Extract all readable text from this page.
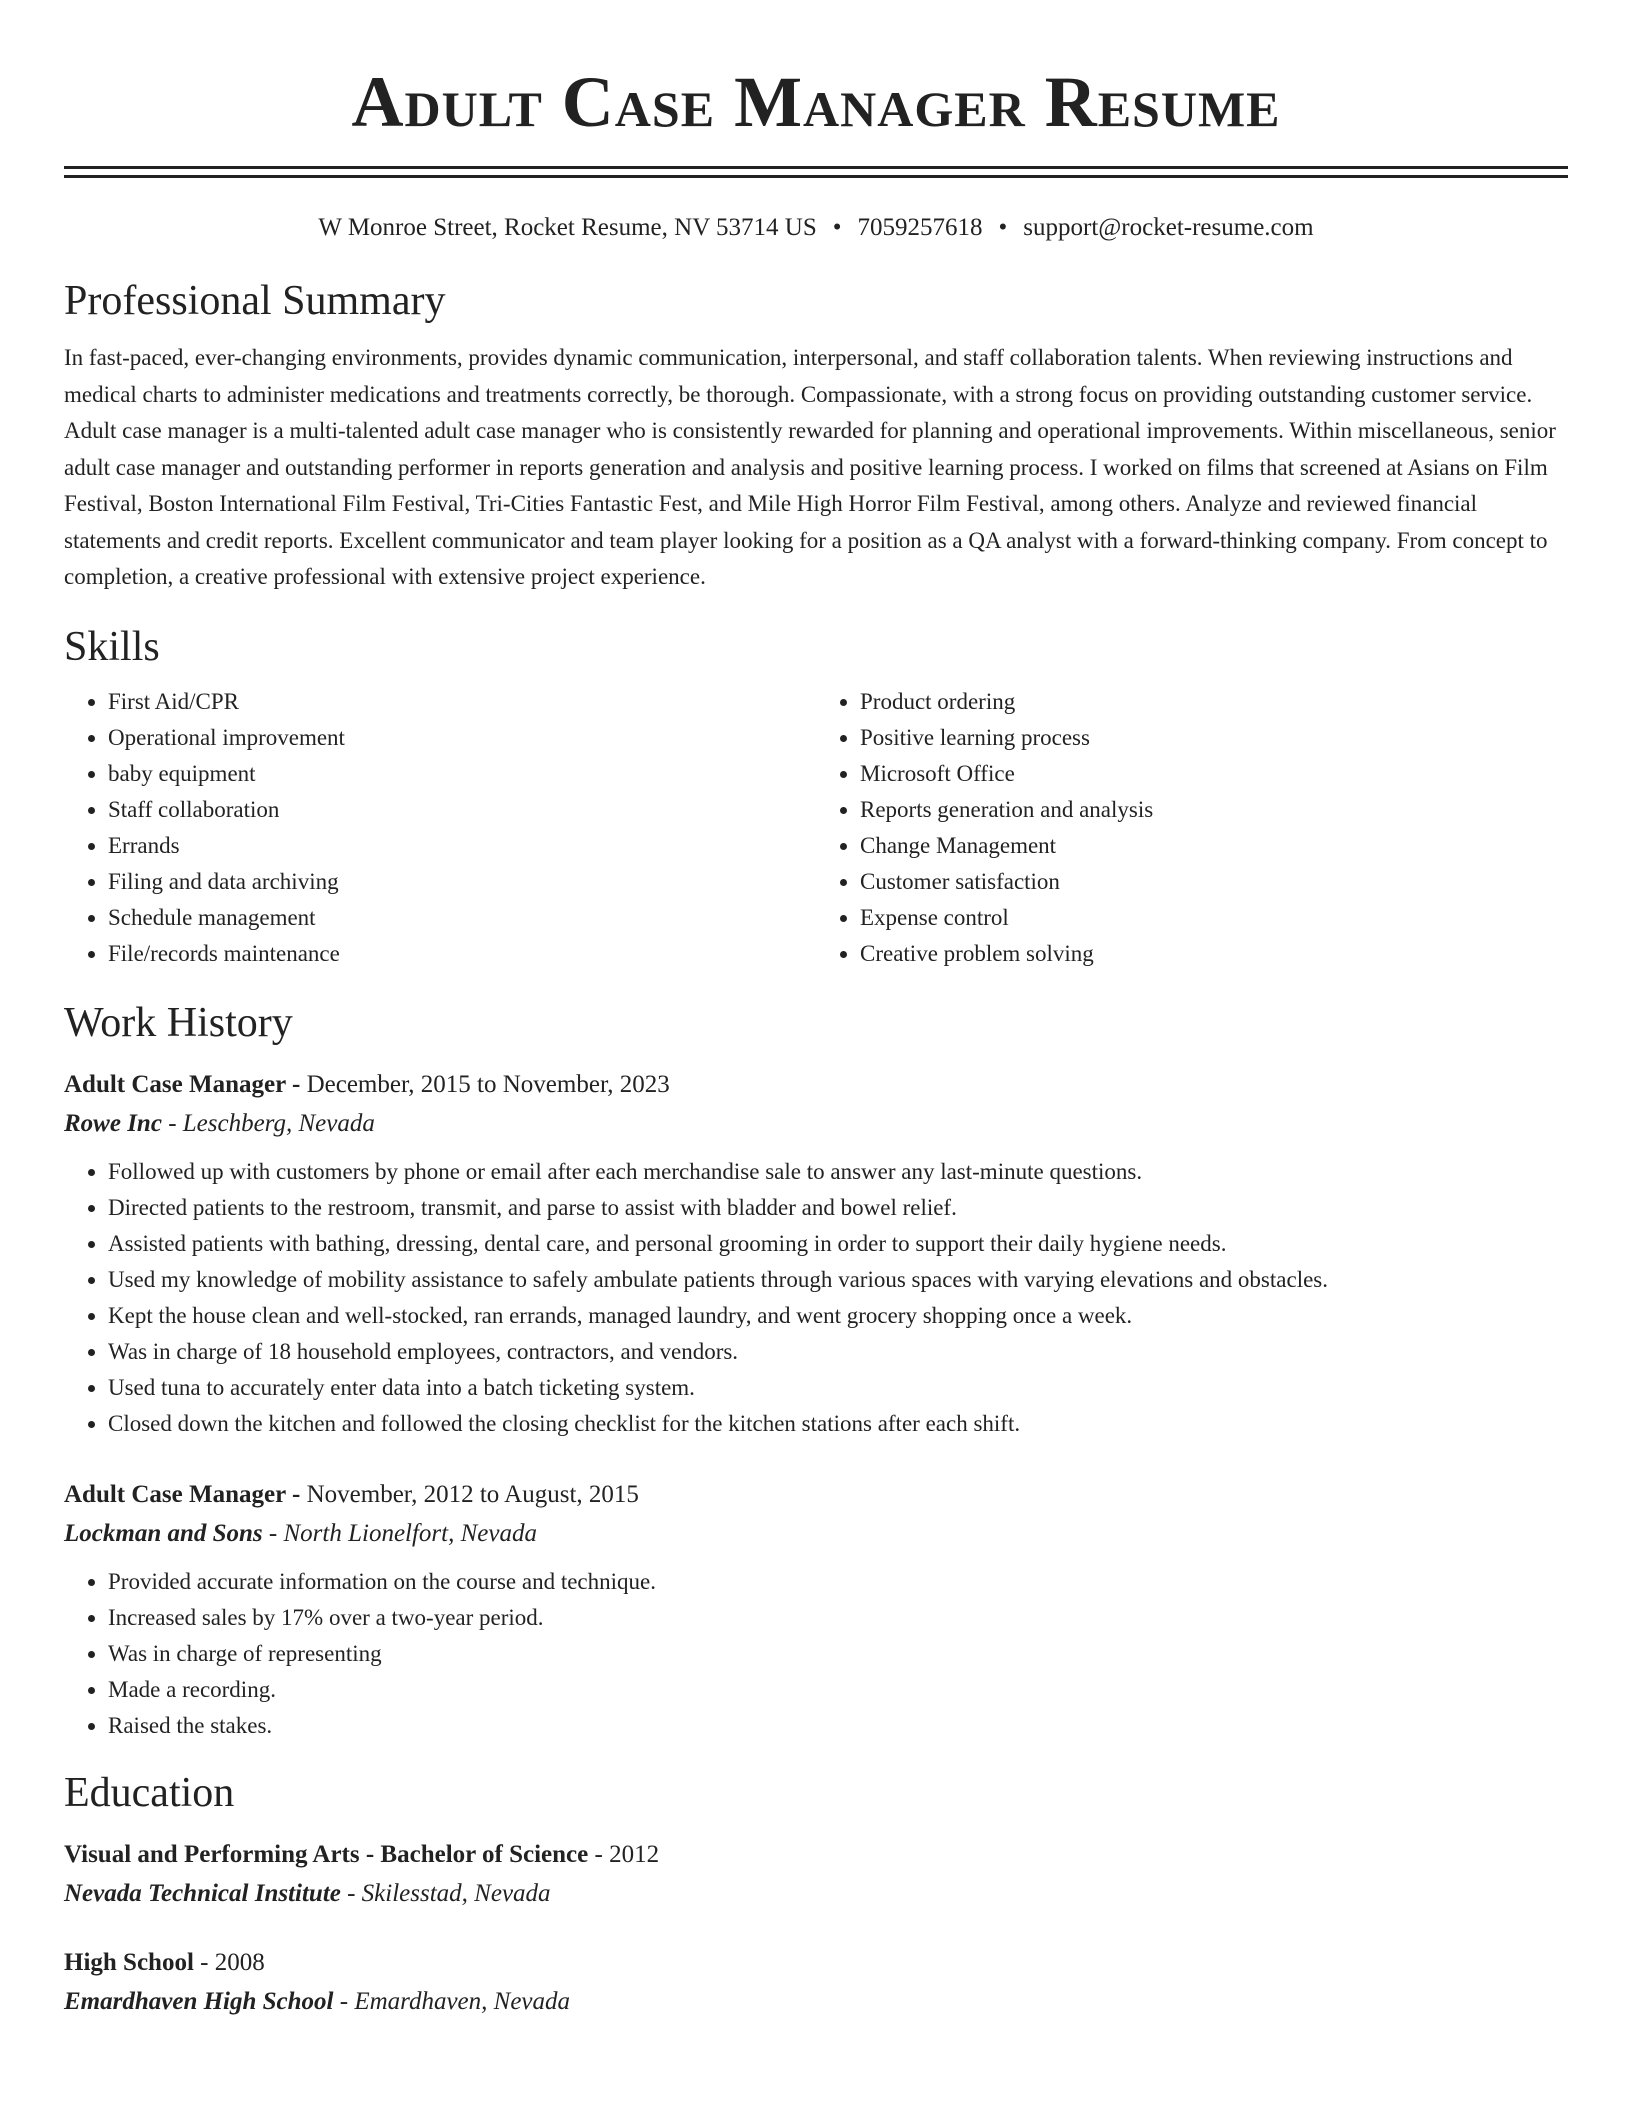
Adult Case Manager Resume
W Monroe Street, Rocket Resume, NV 53714 US • 7059257618 • support@rocket-resume.com
Professional Summary
In fast-paced, ever-changing environments, provides dynamic communication, interpersonal, and staff collaboration talents. When reviewing instructions and medical charts to administer medications and treatments correctly, be thorough. Compassionate, with a strong focus on providing outstanding customer service. Adult case manager is a multi-talented adult case manager who is consistently rewarded for planning and operational improvements. Within miscellaneous, senior adult case manager and outstanding performer in reports generation and analysis and positive learning process. I worked on films that screened at Asians on Film Festival, Boston International Film Festival, Tri-Cities Fantastic Fest, and Mile High Horror Film Festival, among others. Analyze and reviewed financial statements and credit reports. Excellent communicator and team player looking for a position as a QA analyst with a forward-thinking company. From concept to completion, a creative professional with extensive project experience.
Skills
• First Aid/CPR
• Operational improvement
• baby equipment
• Staff collaboration
• Errands
• Filing and data archiving
• Schedule management
• File/records maintenance
• Product ordering
• Positive learning process
• Microsoft Office
• Reports generation and analysis
• Change Management
• Customer satisfaction
• Expense control
• Creative problem solving
Work History
Adult Case Manager - December, 2015 to November, 2023
Rowe Inc - Leschberg, Nevada
• Followed up with customers by phone or email after each merchandise sale to answer any last-minute questions.
• Directed patients to the restroom, transmit, and parse to assist with bladder and bowel relief.
• Assisted patients with bathing, dressing, dental care, and personal grooming in order to support their daily hygiene needs.
• Used my knowledge of mobility assistance to safely ambulate patients through various spaces with varying elevations and obstacles.
• Kept the house clean and well-stocked, ran errands, managed laundry, and went grocery shopping once a week.
• Was in charge of 18 household employees, contractors, and vendors.
• Used tuna to accurately enter data into a batch ticketing system.
• Closed down the kitchen and followed the closing checklist for the kitchen stations after each shift.
Adult Case Manager - November, 2012 to August, 2015
Lockman and Sons - North Lionelfort, Nevada
• Provided accurate information on the course and technique.
• Increased sales by 17% over a two-year period.
• Was in charge of representing
• Made a recording.
• Raised the stakes.
Education
Visual and Performing Arts - Bachelor of Science - 2012
Nevada Technical Institute - Skilesstad, Nevada
High School - 2008
Emardhaven High School - Emardhaven, Nevada
